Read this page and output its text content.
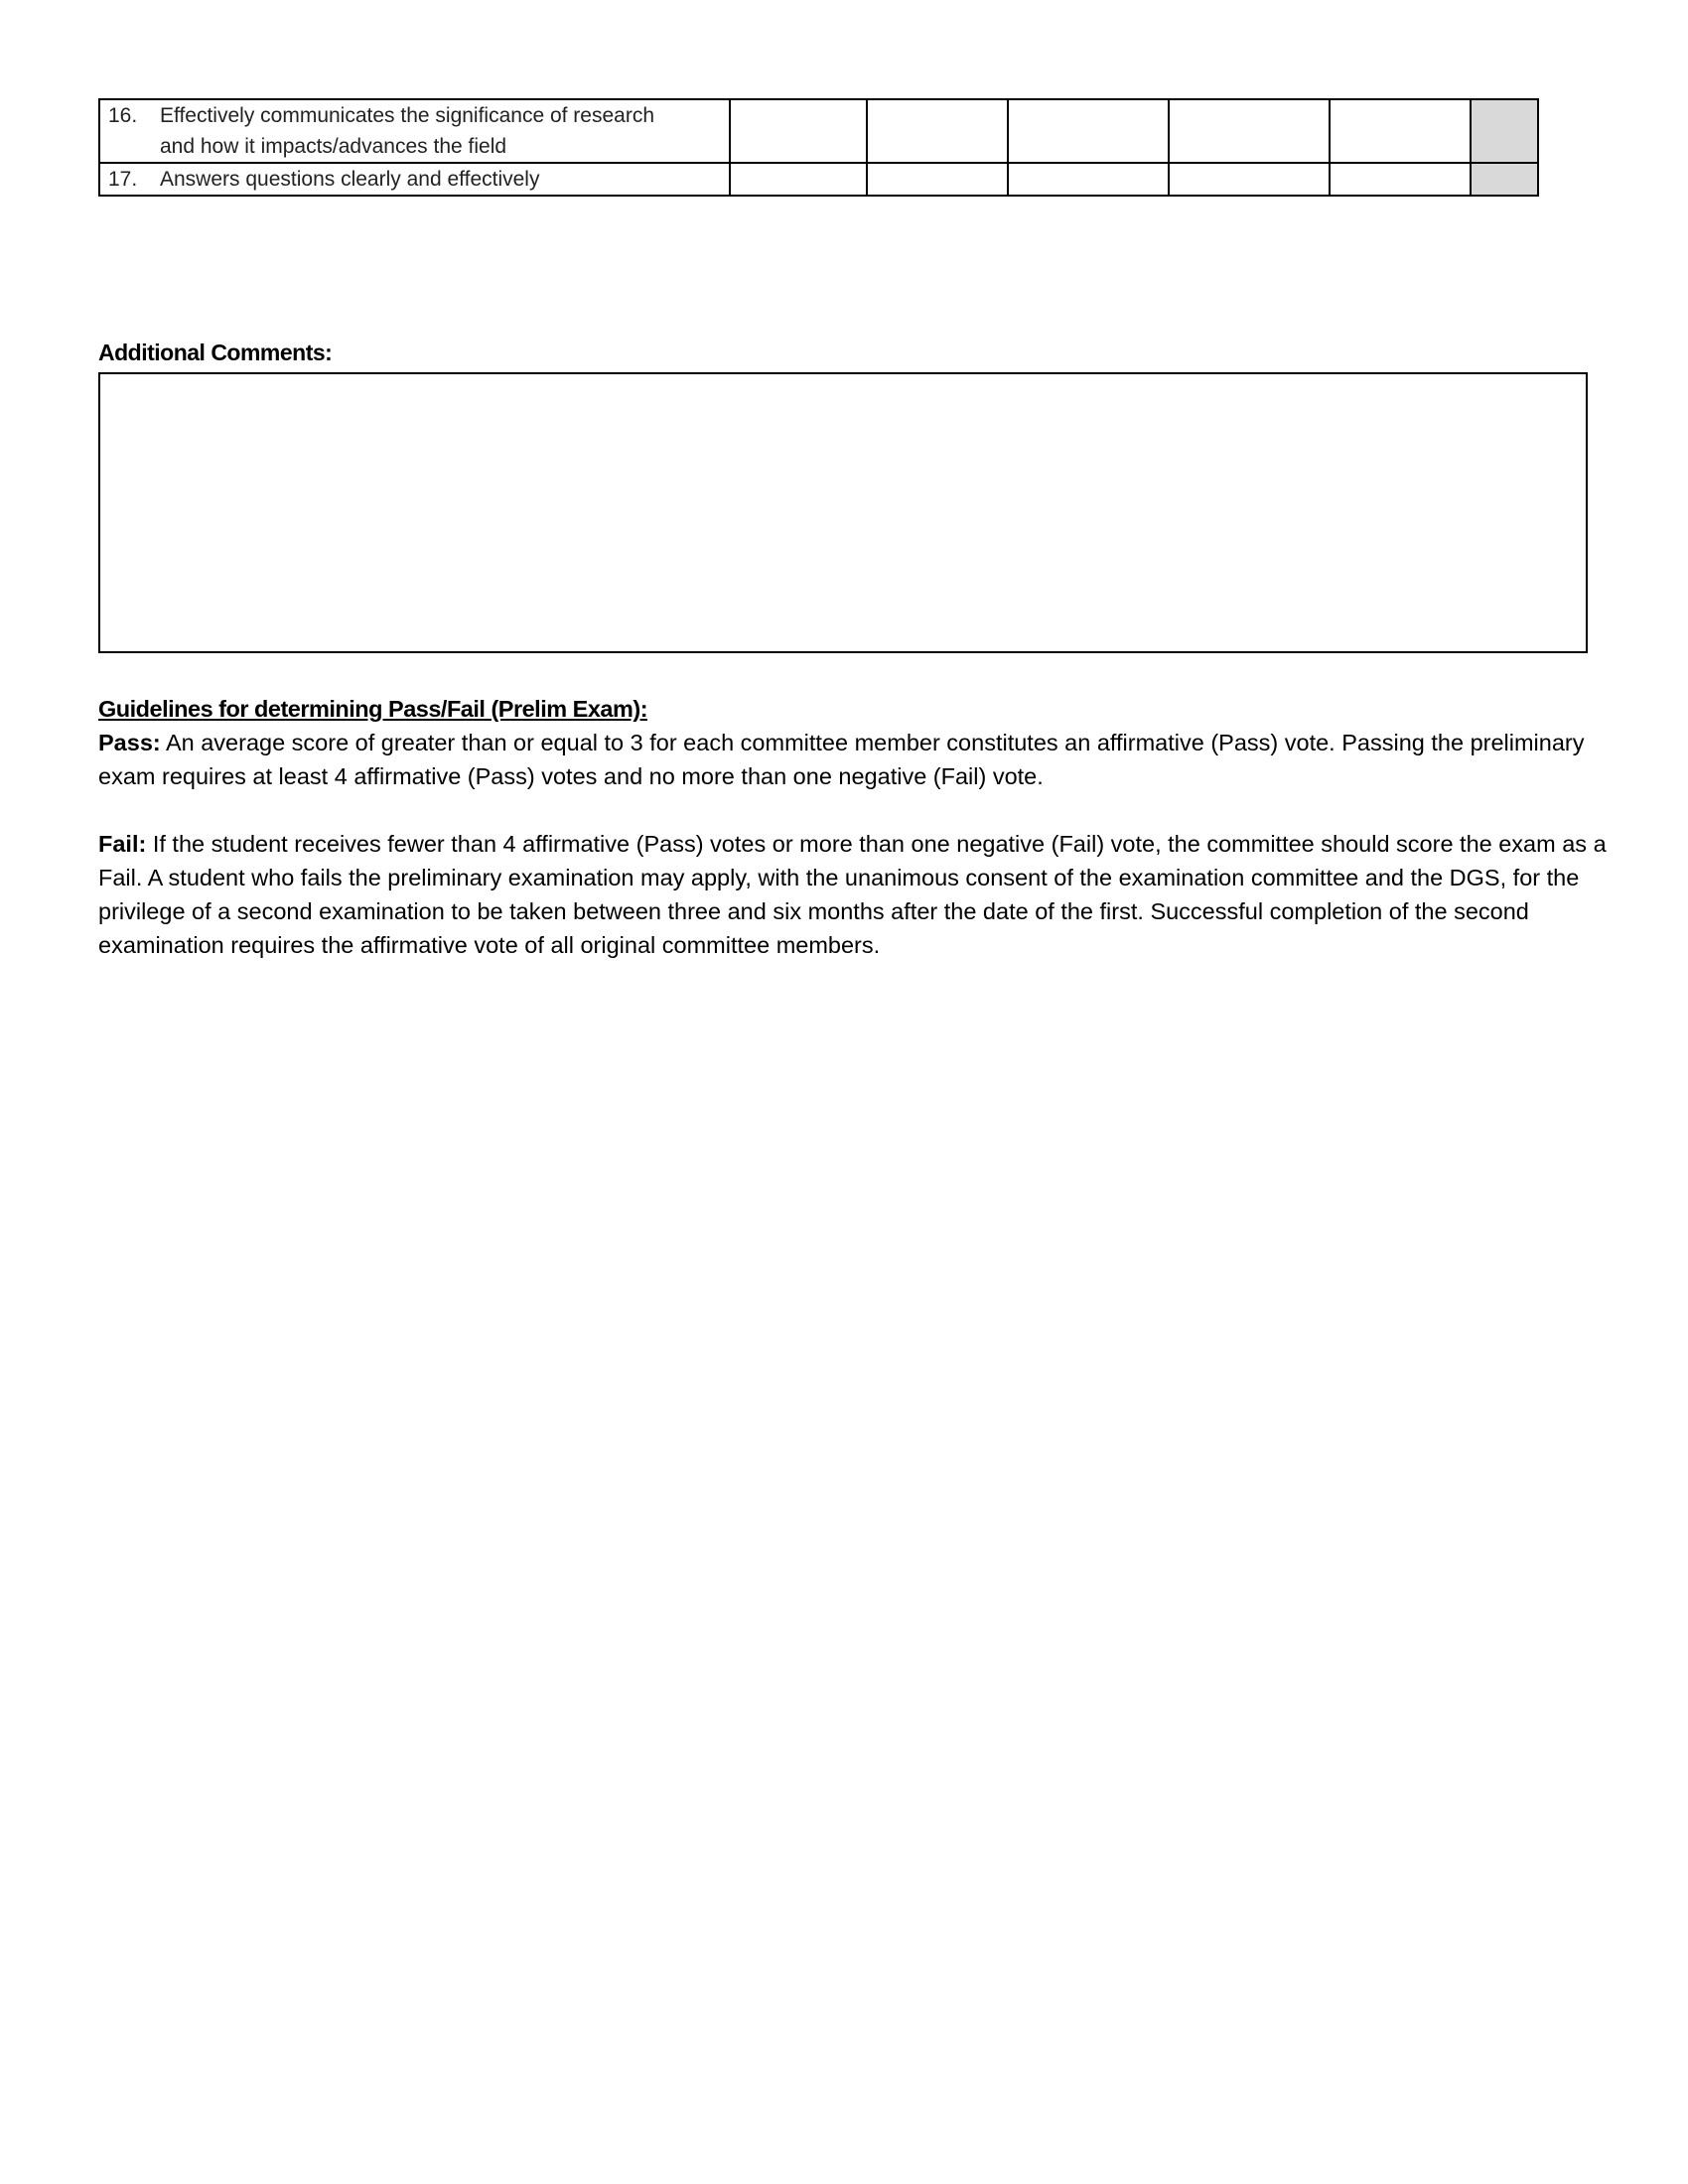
16. Effectively communicates the significance of research
and how it impacts/advances the field						

17. Answers questions clearly and effectively						

Additional Comments:
Guidelines for determining Pass/Fail (Prelim Exam):

Pass: An average score of greater than or equal to 3 for each committee member constitutes an affirmative (Pass) vote. Passing the preliminary exam requires at least 4 affirmative (Pass) votes and no more than one negative (Fail) vote.

Fail: If the student receives fewer than 4 affirmative (Pass) votes or more than one negative (Fail) vote, the committee should score the exam as a Fail. A student who fails the preliminary examination may apply, with the unanimous consent of the examination committee and the DGS, for the privilege of a second examination to be taken between three and six months after the date of the first. Successful completion of the second examination requires the affirmative vote of all original committee members.
